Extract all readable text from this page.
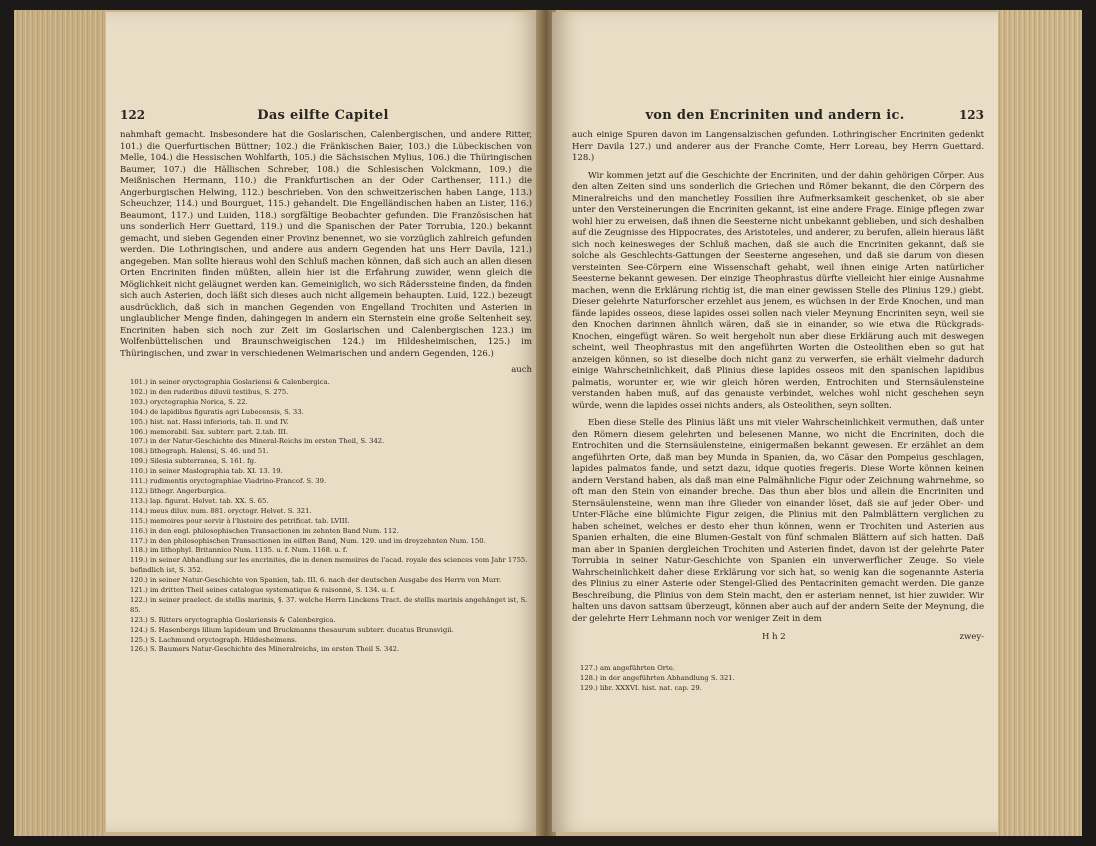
122	Das eilfte Capitel

nahmhaft gemacht. Insbesondere hat die Goslarischen, Calenbergischen, und andere Ritter, 101.) die Querfurtischen Büttner; 102.) die Fränkischen Baier, 103.) die Lübeckischen von Melle, 104.) die Hessischen Wohlfarth, 105.) die Sächsischen Mylius, 106.) die Thüringischen Baumer, 107.) die Hällischen Schreber, 108.) die Schlesischen Volckmann, 109.) die Meißnischen Hermann, 110.) die Frankfurtischen an der Oder Carthenser, 111.) die Angerburgischen Helwing, 112.) beschrieben. Von den schweitzerischen haben Lange, 113.) Scheuchzer, 114.) und Bourguet, 115.) gehandelt. Die Engelländischen haben an Lister, 116.) Beaumont, 117.) und Luiden, 118.) sorgfältige Beobachter gefunden. Die Französischen hat uns sonderlich Herr Guettard, 119.) und die Spanischen der Pater Torrubia, 120.) bekannt gemacht, und sieben Gegenden einer Provinz benennet, wo sie vorzüglich zahlreich gefunden werden. Die Lothringischen, und andere aus andern Gegenden hat uns Herr Davila, 121.) angegeben. Man sollte hieraus wohl den Schluß machen können, daß sich auch an allen diesen Orten Encriniten finden müßten, allein hier ist die Erfahrung zuwider, wenn gleich die Möglichkeit nicht geläugnet werden kan. Gemeiniglich, wo sich Räderssteine finden, da finden sich auch Asterien, doch läßt sich dieses auch nicht allgemein behaupten. Luid, 122.) bezeugt ausdrücklich, daß sich in manchen Gegenden von Engelland Trochiten und Asterien in unglaublicher Menge finden, dahingegen in andern ein Sternstein eine große Seltenheit sey. Encriniten haben sich noch zur Zeit im Goslarischen und Calenbergischen 123.) im Wolfenbüttelischen und Braunschweigischen 124.) im Hildesheimischen, 125.) im Thüringischen, und zwar in verschiedenen Weimarischen und andern Gegenden, 126.)

auch
101.) in seiner oryctographia Goslariensi & Calenbergica.
102.) in den ruderibus diluvii testibus, S. 275.
103.) oryctographia Norica, S. 22.
104.) de lapidibus figuratis agri Lubecensis, S. 33.
105.) hist. nat. Hassi inferioris, tab. II. und IV.
106.) memorabil. Sax. subterr. part. 2.tab. III.
107.) in der Natur-Geschichte des Mineral-Reichs im ersten Theil, S. 342.
108.) lithograph. Halensi, S. 46. und 51.
109.) Silesia subterranea, S. 161. fg.
110.) in seiner Maslographia tab. XI. 13. 19.
111.) rudimentis oryctographiae Viadrino-Francof. S. 39.
112.) lithogr. Angerburgica.
113.) lap. figurat. Helvet. tab. XX. S. 65.
114.) meus diluv. num. 881. oryctogr. Helvet. S. 321.
115.) memoires pour servir à l'histoire des petrificat. tab. LVIII.
116.) in den engl. philosophischen Transactionen im zehnten Band Num. 112.
117.) in den philosophischen Transactionen im eilften Band, Num. 129. und im dreyzehnten Num. 150.
118.) im lithophyl. Britannico Num. 1135. u. f. Num. 1168. u. f.
119.) in seiner Abhandlung sur les encrinites, die in denen memoires de l'acad. royale des sciences vom Jahr 1755. befindlich ist, S. 352.
120.) in seiner Natur-Geschichte von Spanien, tab. III. 6. nach der deutschen Ausgabe des Herrn von Murr.
121.) im dritten Theil seines catalogue systematique & raisonné, S. 134. u. f.
122.) in seiner praelect. de stellis marinis, §. 37. welche Herrn Linckens Tract. de stellis marinis angehänget ist, S. 85.
123.) S. Ritters oryctographia Goslariensis & Calenbergica.
124.) S. Hasenbergs lilium lapideum und Bruckmanns thesaurum subterr. ducatus Brunsvigii.
125.) S. Lachmund oryctograph. Hildesheimens.
126.) S. Baumers Natur-Geschichte des Mineralreichs, im ersten Theil S. 342.
von den Encriniten und andern ic.	123

auch einige Spuren davon im Langensalzischen gefunden. Lothringischer Encriniten gedenkt Herr Davila 127.) und anderer aus der Franche Comte, Herr Loreau, bey Herrn Guettard. 128.)

Wir kommen jetzt auf die Geschichte der Encriniten, und der dahin gehörigen Cörper. Aus den alten Zeiten sind uns sonderlich die Griechen und Römer bekannt, die den Cörpern des Mineralreichs und den manchetley Fossilien ihre Aufmerksamkeit geschenket, ob sie aber unter den Versteinerungen die Encriniten gekannt, ist eine andere Frage. Einige pflegen zwar wohl hier zu erweisen, daß ihnen die Seesterne nicht unbekannt geblieben, und sich deshalben auf die Zeugnisse des Hippocrates, des Aristoteles, und anderer, zu berufen, allein hieraus läßt sich noch keinesweges der Schluß machen, daß sie auch die Encriniten gekannt, daß sie solche als Geschlechts-Gattungen der Seesterne angesehen, und daß sie darum von diesen versteinten See-Cörpern eine Wissenschaft gehabt, weil ihnen einige Arten natürlicher Seesterne bekannt gewesen. Der einzige Theophrastus dürfte vielleicht hier einige Ausnahme machen, wenn die Erklärung richtig ist, die man einer gewissen Stelle des Plinius 129.) giebt. Dieser gelehrte Naturforscher erzehlet aus jenem, es wüchsen in der Erde Knochen, und man fände lapides osseos, diese lapides ossei sollen nach vieler Meynung Encriniten seyn, weil sie den Knochen darinnen ähnlich wären, daß sie in einander, so wie etwa die Rückgrads-Knochen, eingefügt wären. So weit hergeholt nun aber diese Erklärung auch mit deswegen scheint, weil Theophrastus mit den angeführten Worten die Osteolithen eben so gut hat anzeigen können, so ist dieselbe doch nicht ganz zu verwerfen, sie erhält vielmehr dadurch einige Wahrscheinlichkeit, daß Plinius diese lapides osseos mit den spanischen lapidibus palmatis, worunter er, wie wir gleich hören werden, Entrochiten und Sternsäulensteine verstanden haben muß, auf das genauste verbindet, welches wohl nicht geschehen seyn würde, wenn die lapides ossei nichts anders, als Osteolithen, seyn sollten.

Eben diese Stelle des Plinius läßt uns mit vieler Wahrscheinlichkeit vermuthen, daß unter den Römern diesem gelehrten und belesenen Manne, wo nicht die Encriniten, doch die Entrochiten und die Sternsäulensteine, einigermaßen bekannt gewesen. Er erzählet an dem angeführten Orte, daß man bey Munda in Spanien, da, wo Cäsar den Pompeius geschlagen, lapides palmatos fande, und setzt dazu, idque quoties fregeris. Diese Worte können keinen andern Verstand haben, als daß man eine Palmähnliche Figur oder Zeichnung wahrnehme, so oft man den Stein von einander breche. Das thun aber blos und allein die Encriniten und Sternsäulensteine, wenn man ihre Glieder von einander löset, daß sie auf jeder Ober- und Unter-Fläche eine blümichte Figur zeigen, die Plinius mit den Palmblättern verglichen zu haben scheinet, welches er desto eher thun können, wenn er Trochiten und Asterien aus Spanien erhalten, die eine Blumen-Gestalt von fünf schmalen Blättern auf sich hatten. Daß man aber in Spanien dergleichen Trochiten und Asterien findet, davon ist der gelehrte Pater Torrubia in seiner Natur-Geschichte von Spanien ein unverwerflicher Zeuge. So viele Wahrscheinlichkeit daher diese Erklärung vor sich hat, so wenig kan die sogenannte Asteria des Plinius zu einer Asterie oder Stengel-Glied des Pentacriniten gemacht werden. Die ganze Beschreibung, die Plinius von dem Stein macht, den er asteriam nennet, ist hier zuwider. Wir halten uns davon sattsam überzeugt, können aber auch auf der andern Seite der Meynung, die der gelehrte Herr Lehmann noch vor weniger Zeit in dem

H h 2	zwey-
127.) am angeführten Orte.
128.) in der angeführten Abhandlung S. 321.
129.) libr. XXXVI. hist. nat. cap. 29.
